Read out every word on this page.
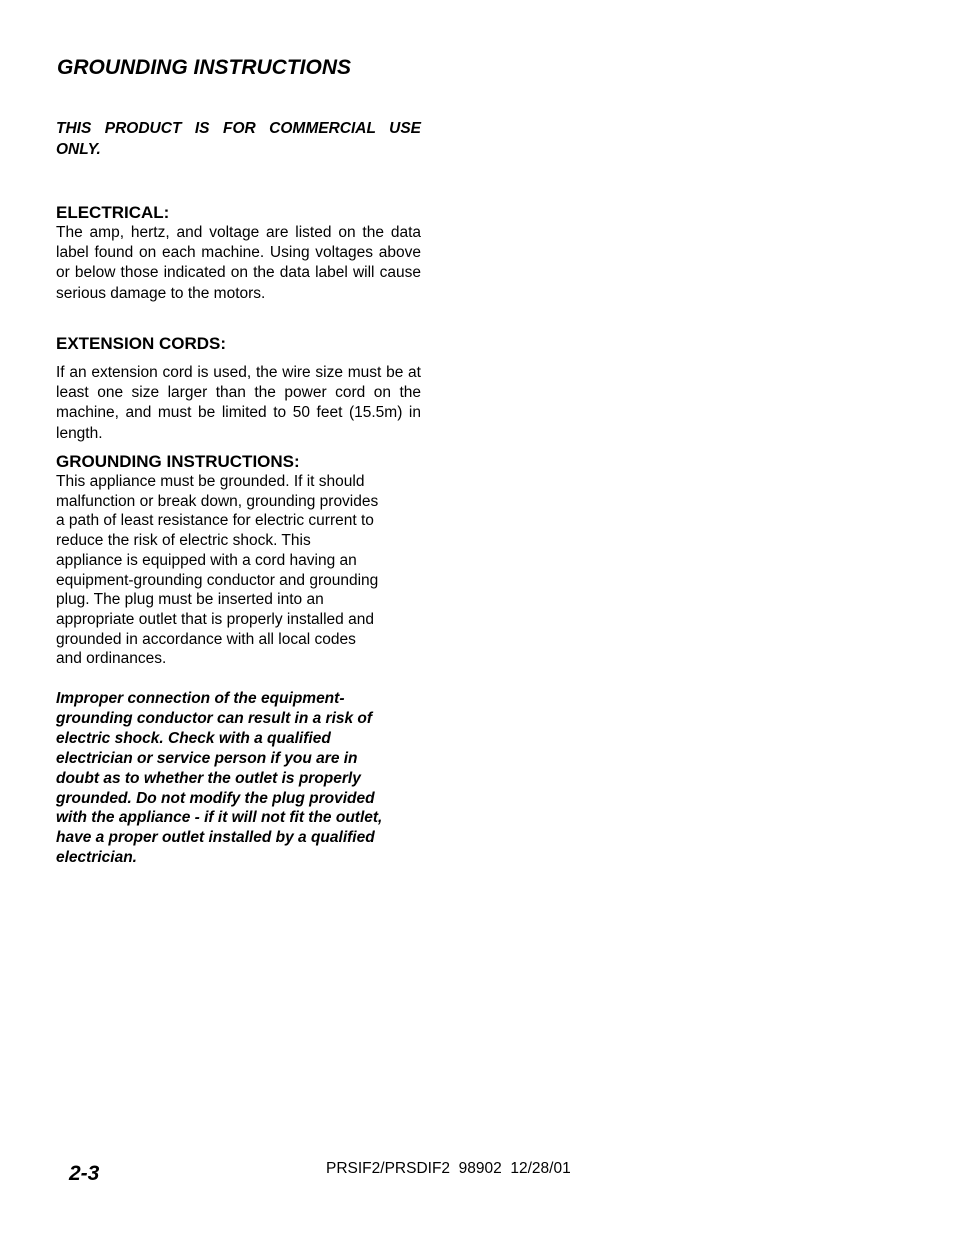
GROUNDING INSTRUCTIONS

THIS PRODUCT IS FOR COMMERCIAL USE ONLY.

ELECTRICAL:

The amp, hertz, and voltage are listed on the data label found on each machine. Using voltages above or below those indicated on the data label will cause serious damage to the motors.

EXTENSION CORDS:

If an extension cord is used, the wire size must be at least one size larger than the power cord on the machine, and must be limited to 50 feet (15.5m) in length.

GROUNDING INSTRUCTIONS:
This appliance must be grounded. If it should
malfunction or break down, grounding provides
a path of least resistance for electric current to
reduce the risk of electric shock. This
appliance is equipped with a cord having an
equipment-grounding conductor and grounding
plug. The plug must be inserted into an
appropriate outlet that is properly installed and
grounded in accordance with all local codes
and ordinances.
Improper connection of the equipment-
grounding conductor can result in a risk of
electric shock. Check with a qualified
electrician or service person if you are in
doubt as to whether the outlet is properly
grounded. Do not modify the plug provided
with the appliance - if it will not fit the outlet,
have a proper outlet installed by a qualified
electrician.

2-3	PRSIF2/PRSDIF2  98902  12/28/01
